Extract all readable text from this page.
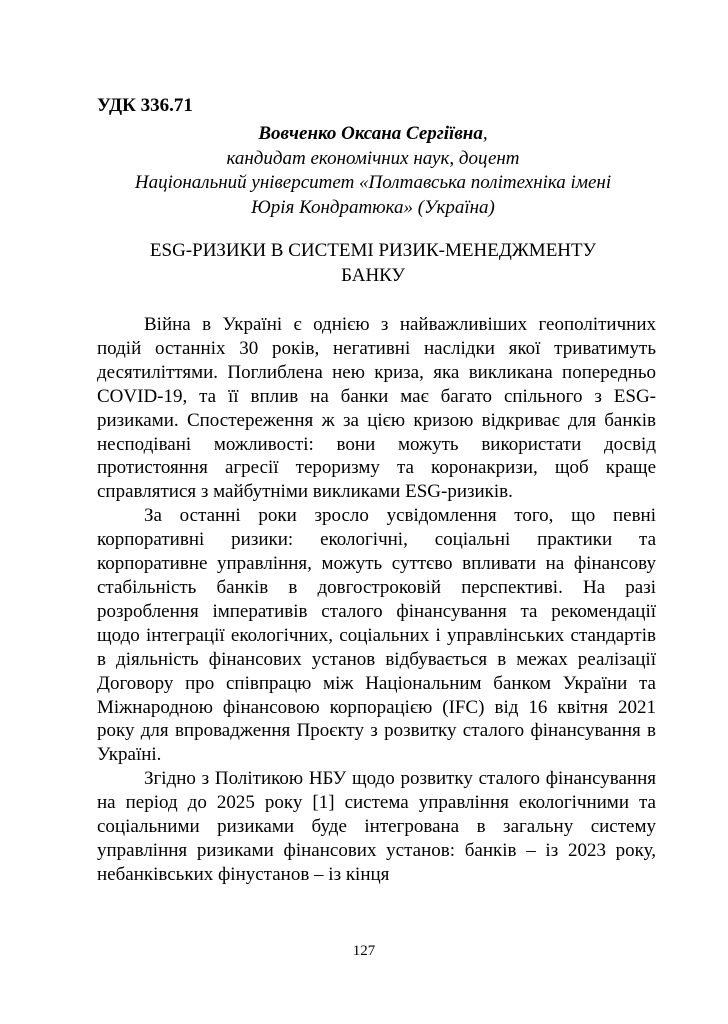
УДК 336.71
Вовченко Оксана Сергіївна,
кандидат економічних наук, доцент
Національний університет «Полтавська політехніка імені
Юрія Кондратюка» (Україна)
ESG-РИЗИКИ В СИСТЕМІ РИЗИК-МЕНЕДЖМЕНТУ
БАНКУ

Війна в Україні є однією з найважливіших геополітичних подій останніх 30 років, негативні наслідки якої триватимуть десятиліттями. Поглиблена нею криза, яка викликана попередньо COVID-19, та її вплив на банки має багато спільного з ESG-ризиками. Спостереження ж за цією кризою відкриває для банків несподівані можливості: вони можуть використати досвід протистояння агресії тероризму та коронакризи, щоб краще справлятися з майбутніми викликами ESG-ризиків.

За останні роки зросло усвідомлення того, що певні корпоративні ризики: екологічні, соціальні практики та корпоративне управління, можуть суттєво впливати на фінансову стабільність банків в довгостроковій перспективі. На разі розроблення імперативів сталого фінансування та рекомендації щодо інтеграції екологічних, соціальних і управлінських стандартів в діяльність фінансових установ відбувається в межах реалізації Договору про співпрацю між Національним банком України та Міжнародною фінансовою корпорацією (IFC) від 16 квітня 2021 року для впровадження Проєкту з розвитку сталого фінансування в Україні.

Згідно з Політикою НБУ щодо розвитку сталого фінансування на період до 2025 року [1] система управління екологічними та соціальними ризиками буде інтегрована в загальну систему управління ризиками фінансових установ: банків – із 2023 року, небанківських фінустанов – із кінця

127
